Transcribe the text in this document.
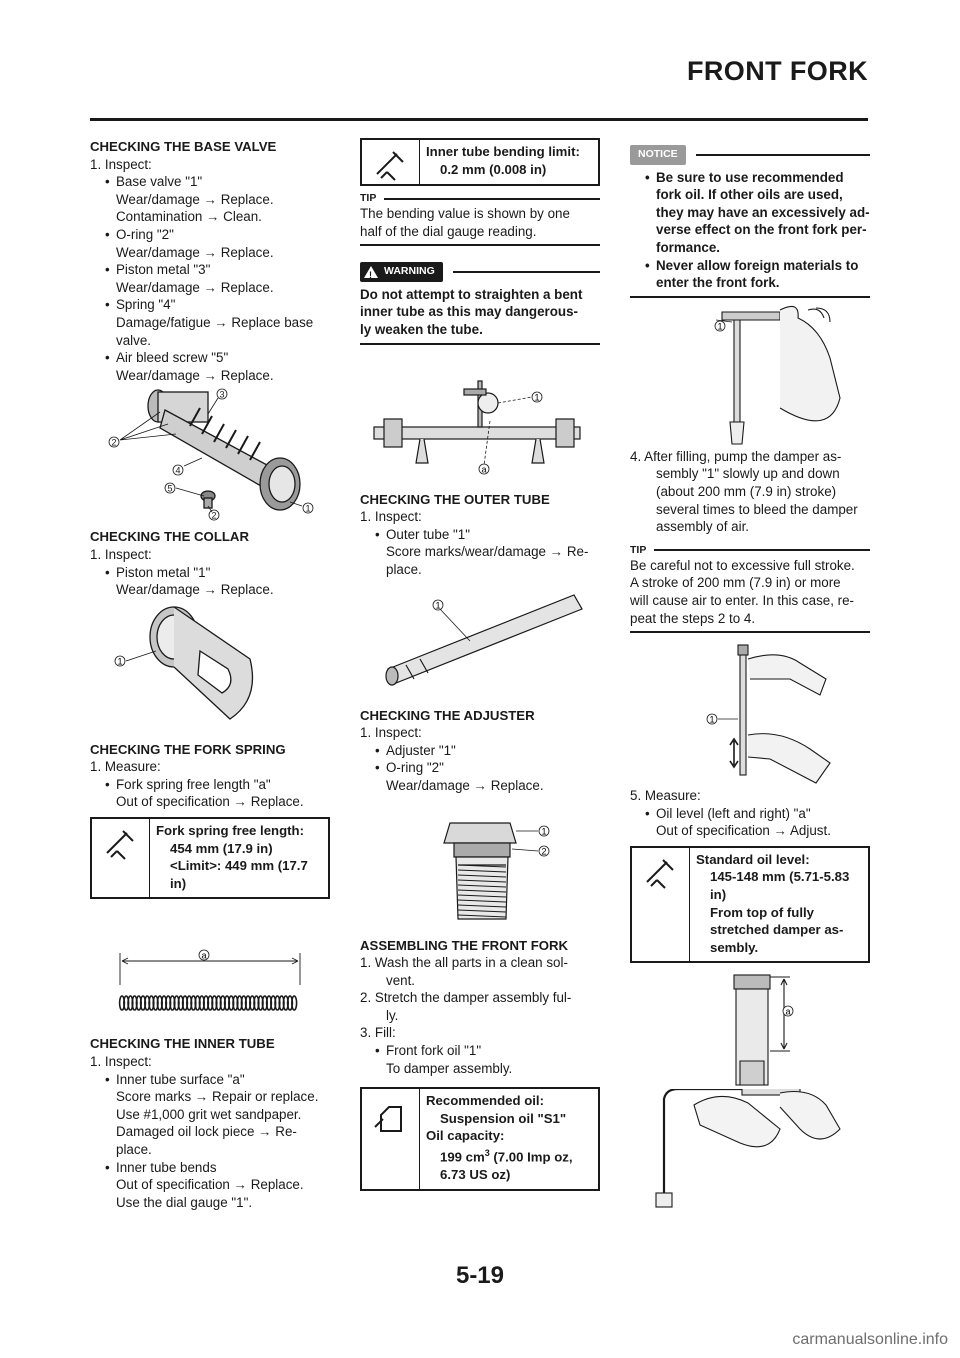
FRONT FORK
CHECKING THE BASE VALVE
1. Inspect:
• Base valve "1"
Wear/damage → Replace.
Contamination → Clean.
• O-ring "2"
Wear/damage → Replace.
• Piston metal "3"
Wear/damage → Replace.
• Spring "4"
Damage/fatigue → Replace base
valve.
• Air bleed screw "5"
Wear/damage → Replace.
1
2
3
4
5
2
CHECKING THE COLLAR
1. Inspect:
• Piston metal "1"
Wear/damage → Replace.
1
CHECKING THE FORK SPRING
1. Measure:
• Fork spring free length "a"
Out of specification → Replace.
Fork spring free length:
454 mm (17.9 in)
<Limit>: 449 mm (17.7
in)
a
CHECKING THE INNER TUBE
1. Inspect:
• Inner tube surface "a"
Score marks → Repair or replace.
Use #1,000 grit wet sandpaper.
Damaged oil lock piece → Re-
place.
• Inner tube bends
Out of specification → Replace.
Use the dial gauge "1".
Inner tube bending limit:
0.2 mm (0.008 in)
TIP
The bending value is shown by one
half of the dial gauge reading.
!
WARNING
Do not attempt to straighten a bent
inner tube as this may dangerous-
ly weaken the tube.
1
a
CHECKING THE OUTER TUBE
1. Inspect:
• Outer tube "1"
Score marks/wear/damage → Re-
place.
1
CHECKING THE ADJUSTER
1. Inspect:
• Adjuster "1"
• O-ring "2"
Wear/damage → Replace.
1
2
ASSEMBLING THE FRONT FORK
1. Wash the all parts in a clean sol-
vent.
2. Stretch the damper assembly ful-
ly.
3. Fill:
• Front fork oil "1"
To damper assembly.
Recommended oil:
Suspension oil "S1"
Oil capacity:
199 $cm^3$ (7.00 Imp oz,
6.73 US oz)
NOTICE
• Be sure to use recommended
fork oil. If other oils are used,
they may have an excessively ad-
verse effect on the front fork per-
formance.
• Never allow foreign materials to
enter the front fork.
1
4. After filling, pump the damper as-
sembly "1" slowly up and down
(about 200 mm (7.9 in) stroke)
several times to bleed the damper
assembly of air.
TIP
Be careful not to excessive full stroke.
A stroke of 200 mm (7.9 in) or more
will cause air to enter. In this case, re-
peat the steps 2 to 4.
1
5. Measure:
• Oil level (left and right) "a"
Out of specification → Adjust.
Standard oil level:
145-148 mm (5.71-5.83
in)
From top of fully
stretched damper as-
sembly.
a
5-19
carmanualsonline.info
